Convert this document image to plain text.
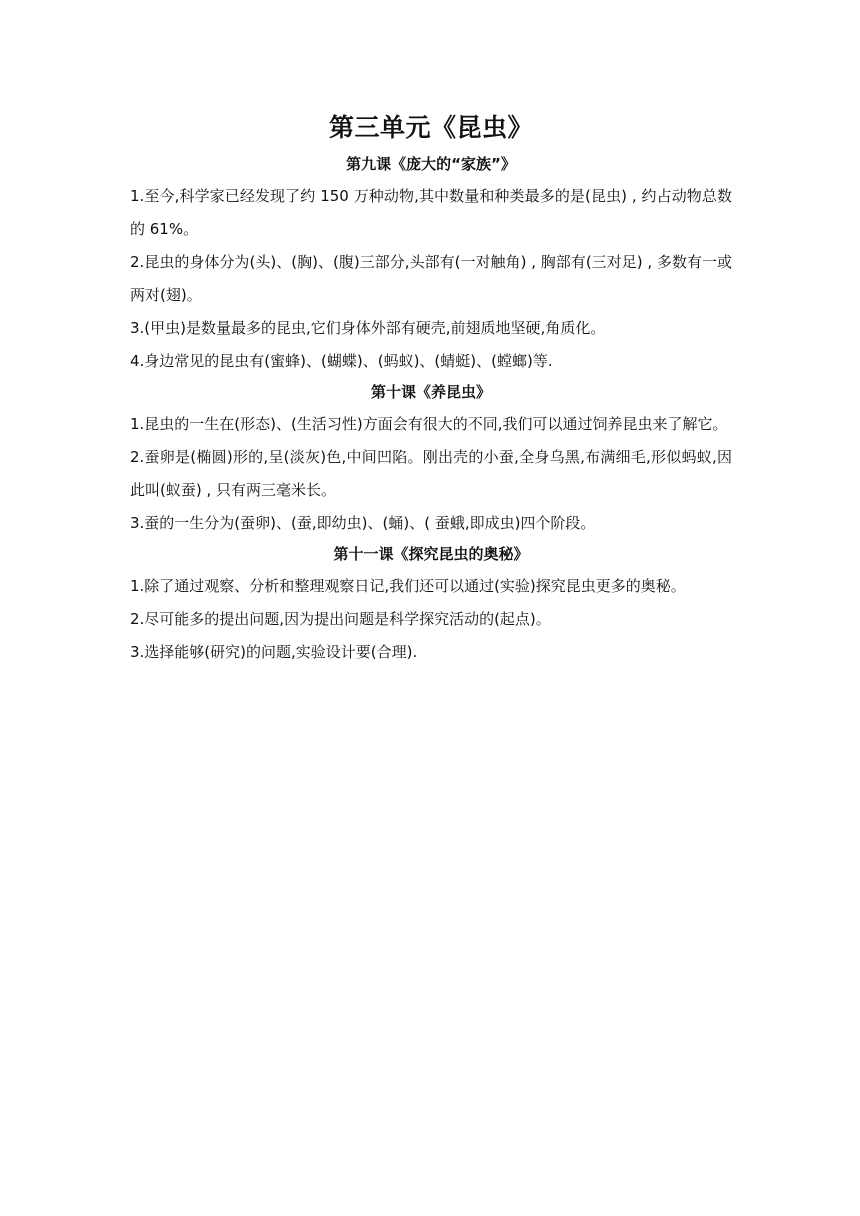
第三单元《昆虫》
第九课《庞大的“家族”》

1.至今,科学家已经发现了约 150 万种动物,其中数量和种类最多的是(昆虫) , 约占动物总数的 61%。

2.昆虫的身体分为(头)、(胸)、(腹)三部分,头部有(一对触角) , 胸部有(三对足) , 多数有一或两对(翅)。

3.(甲虫)是数量最多的昆虫,它们身体外部有硬壳,前翅质地坚硬,角质化。

4.身边常见的昆虫有(蜜蜂)、(蝴蝶)、(蚂蚁)、(蜻蜓)、(螳螂)等.

第十课《养昆虫》

1.昆虫的一生在(形态)、(生活习性)方面会有很大的不同,我们可以通过饲养昆虫来了解它。

2.蚕卵是(椭圆)形的,呈(淡灰)色,中间凹陷。刚出壳的小蚕,全身乌黑,布满细毛,形似蚂蚁,因此叫(蚁蚕) , 只有两三毫米长。

3.蚕的一生分为(蚕卵)、(蚕,即幼虫)、(蛹)、( 蚕蛾,即成虫)四个阶段。

第十一课《探究昆虫的奥秘》

1.除了通过观察、分析和整理观察日记,我们还可以通过(实验)探究昆虫更多的奥秘。

2.尽可能多的提出问题,因为提出问题是科学探究活动的(起点)。

3.选择能够(研究)的问题,实验设计要(合理).
